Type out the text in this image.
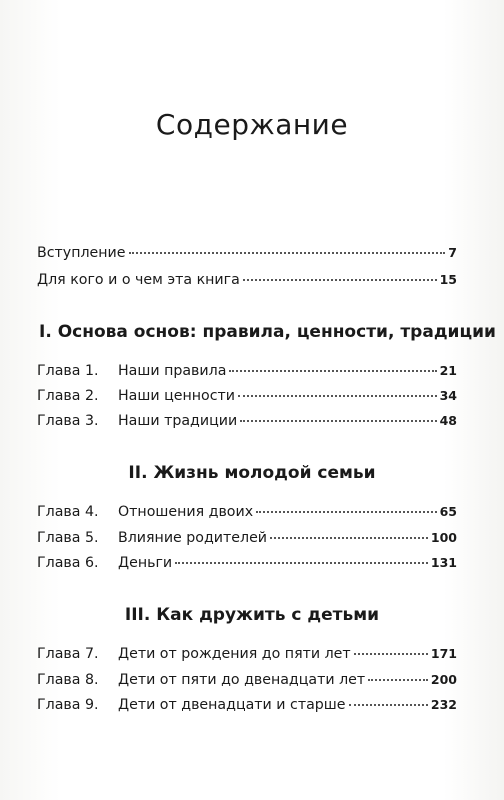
Содержание
Вступление	7
Для кого и о чем эта книга	15
I. Основа основ: правила, ценности, традиции
Глава 1.	Наши правила	21
Глава 2.	Наши ценности	34
Глава 3.	Наши традиции	48
II. Жизнь молодой семьи
Глава 4.	Отношения двоих	65
Глава 5.	Влияние родителей	100
Глава 6.	Деньги	131
III. Как дружить с детьми
Глава 7.	Дети от рождения до пяти лет	171
Глава 8.	Дети от пяти до двенадцати лет	200
Глава 9.	Дети от двенадцати и старше	232
